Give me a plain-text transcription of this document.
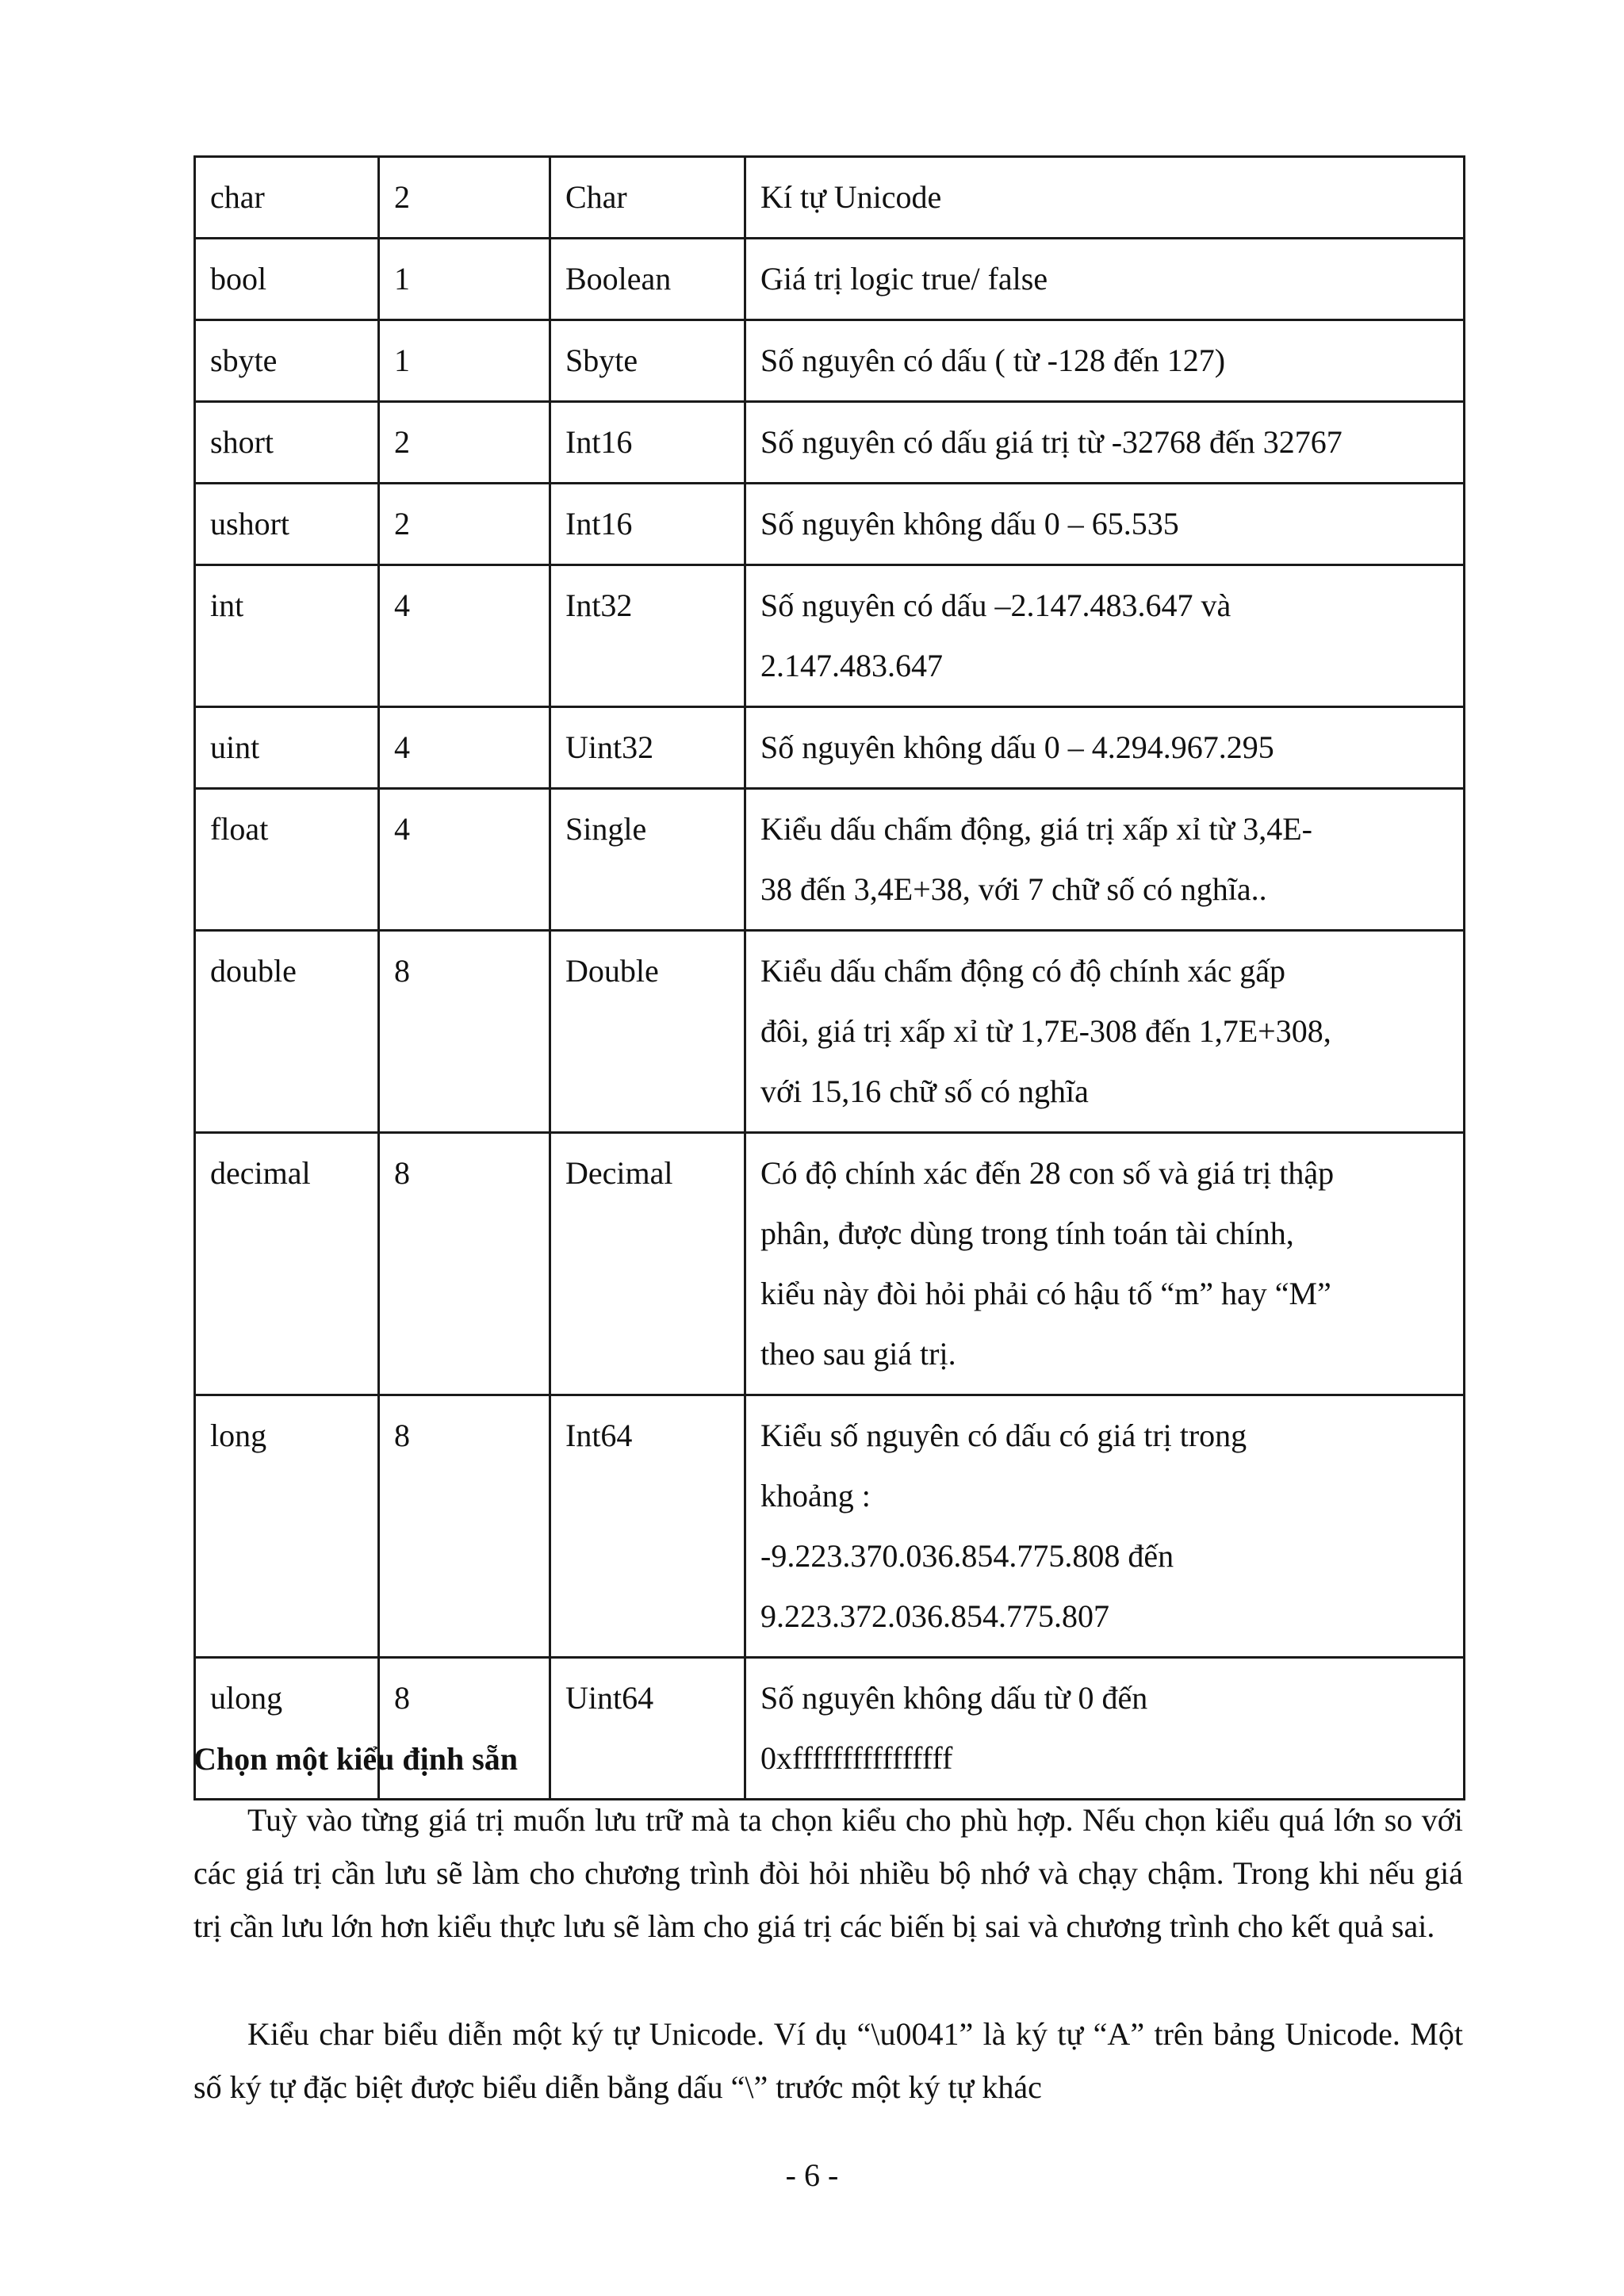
char	2	Char	Kí tự Unicode

bool	1	Boolean	Giá trị logic true/ false

sbyte	1	Sbyte	Số nguyên có dấu ( từ -128 đến 127)

short	2	Int16	Số nguyên có dấu giá trị từ -32768 đến 32767

ushort	2	Int16	Số nguyên không dấu 0 – 65.535

int	4	Int32	Số nguyên có dấu –2.147.483.647 và
2.147.483.647

uint	4	Uint32	Số nguyên không dấu 0 – 4.294.967.295

float	4	Single	Kiểu dấu chấm động, giá trị xấp xỉ từ 3,4E-
38 đến 3,4E+38, với 7 chữ số có nghĩa..

double	8	Double	Kiểu dấu chấm động có độ chính xác gấp
đôi, giá trị xấp xỉ từ 1,7E-308 đến 1,7E+308,
với 15,16 chữ số có nghĩa

decimal	8	Decimal	Có độ chính xác đến 28 con số và giá trị thập
phân, được dùng trong tính toán tài chính,
kiểu này đòi hỏi phải có hậu tố “m” hay “M”
theo sau giá trị.

long	8	Int64	Kiểu số nguyên có dấu có giá trị trong
khoảng :
-9.223.370.036.854.775.808 đến
9.223.372.036.854.775.807

ulong	8	Uint64	Số nguyên không dấu từ 0 đến
0xffffffffffffffff
Chọn một kiểu định sẵn

Tuỳ vào từng giá trị muốn lưu trữ mà ta chọn kiểu cho phù hợp. Nếu chọn kiểu quá lớn so với các giá trị cần lưu sẽ làm cho chương trình đòi hỏi nhiều bộ nhớ và chạy chậm. Trong khi nếu giá trị cần lưu lớn hơn kiểu thực lưu sẽ làm cho giá trị các biến bị sai và chương trình cho kết quả sai.

Kiểu char biểu diễn một ký tự Unicode. Ví dụ “\u0041” là ký tự “A” trên bảng Unicode. Một số ký tự đặc biệt được biểu diễn bằng dấu “\” trước một ký tự khác

- 6 -
